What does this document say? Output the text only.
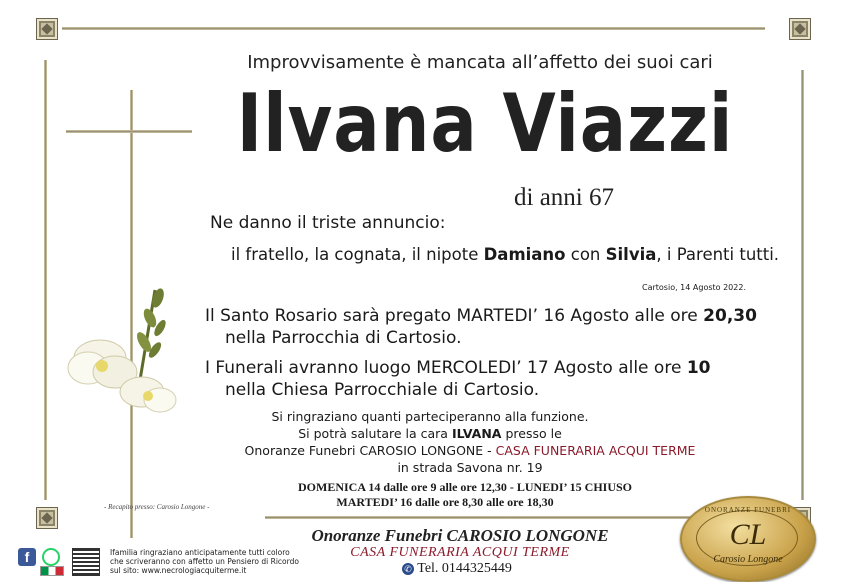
Improvvisamente è mancata all’affetto dei suoi cari
Ilvana Viazzi
di anni 67
Ne danno il triste annuncio:
il fratello, la cognata, il nipote Damiano con Silvia, i Parenti tutti.
Cartosio, 14 Agosto 2022.
Il Santo Rosario sarà pregato MARTEDI’ 16 Agosto alle ore 20,30
nella Parrocchia di Cartosio.
I Funerali avranno luogo MERCOLEDI’ 17 Agosto alle ore 10
nella Chiesa Parrocchiale di Cartosio.
Si ringraziano quanti parteciperanno alla funzione.
Si potrà salutare la cara ILVANA presso le
Onoranze Funebri CAROSIO LONGONE - CASA FUNERARIA ACQUI TERME
in strada Savona nr. 19
DOMENICA 14 dalle ore 9 alle ore 12,30 - LUNEDI’ 15 CHIUSO
MARTEDI’ 16 dalle ore 8,30 alle ore 18,30
- Recapito presso: Carosio Longone -	ONORANZE FUNEBRI
CL
Carosio Longone
Onoranze Funebri CAROSIO LONGONE
CASA FUNERARIA ACQUI TERME
✆ Tel. 0144325449
f	Ifamilia ringraziano anticipatamente tutti coloro
che scriveranno con affetto un Pensiero di Ricordo
sul sito: www.necrologiacquiterme.it
